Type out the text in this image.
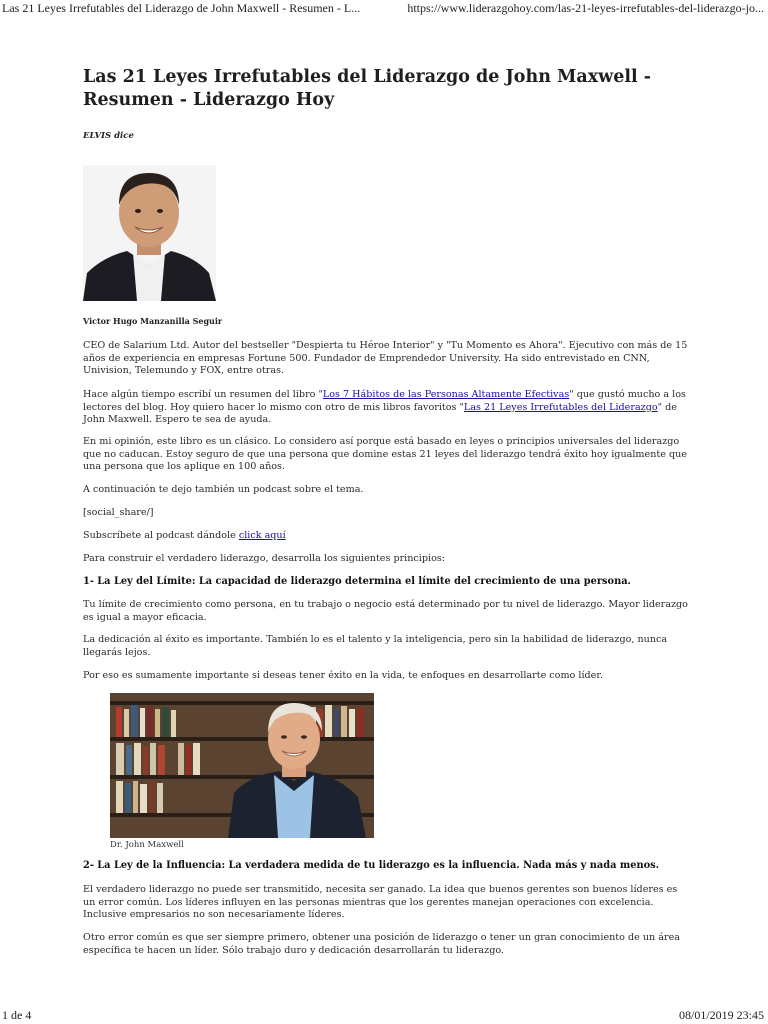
Las 21 Leyes Irrefutables del Liderazgo de John Maxwell - Resumen - L...	https://www.liderazgohoy.com/las-21-leyes-irrefutables-del-liderazgo-jo...
Las 21 Leyes Irrefutables del Liderazgo de John Maxwell - Resumen - Liderazgo Hoy
ELVIS dice
Victor Hugo Manzanilla Seguir

CEO de Salarium Ltd. Autor del bestseller "Despierta tu Héroe Interior" y "Tu Momento es Ahora". Ejecutivo con más de 15 años de experiencia en empresas Fortune 500. Fundador de Emprendedor University. Ha sido entrevistado en CNN, Univision, Telemundo y FOX, entre otras.

Hace algún tiempo escribí un resumen del libro "Los 7 Hábitos de las Personas Altamente Efectivas" que gustó mucho a los lectores del blog. Hoy quiero hacer lo mismo con otro de mis libros favoritos "Las 21 Leyes Irrefutables del Liderazgo" de John Maxwell. Espero te sea de ayuda.

En mi opinión, este libro es un clásico. Lo considero así porque está basado en leyes o principios universales del liderazgo que no caducan. Estoy seguro de que una persona que domine estas 21 leyes del liderazgo tendrá éxito hoy igualmente que una persona que los aplique en 100 años.

A continuación te dejo también un podcast sobre el tema.

[social_share/]

Subscríbete al podcast dándole click aquí

Para construir el verdadero liderazgo, desarrolla los siguientes principios:

1- La Ley del Límite: La capacidad de liderazgo determina el límite del crecimiento de una persona.

Tu límite de crecimiento como persona, en tu trabajo o negocio está determinado por tu nivel de liderazgo. Mayor liderazgo es igual a mayor eficacia.

La dedicación al éxito es importante. También lo es el talento y la inteligencia, pero sin la habilidad de liderazgo, nunca llegarás lejos.

Por eso es sumamente importante si deseas tener éxito en la vida, te enfoques en desarrollarte como líder.

Dr. John Maxwell
2- La Ley de la Influencia: La verdadera medida de tu liderazgo es la influencia. Nada más y nada menos.

El verdadero liderazgo no puede ser transmitido, necesita ser ganado. La idea que buenos gerentes son buenos líderes es un error común. Los líderes influyen en las personas mientras que los gerentes manejan operaciones con excelencia. Inclusive empresarios no son necesariamente líderes.

Otro error común es que ser siempre primero, obtener una posición de liderazgo o tener un gran conocimiento de un área específica te hacen un líder. Sólo trabajo duro y dedicación desarrollarán tu liderazgo.

1 de 4	08/01/2019 23:45
